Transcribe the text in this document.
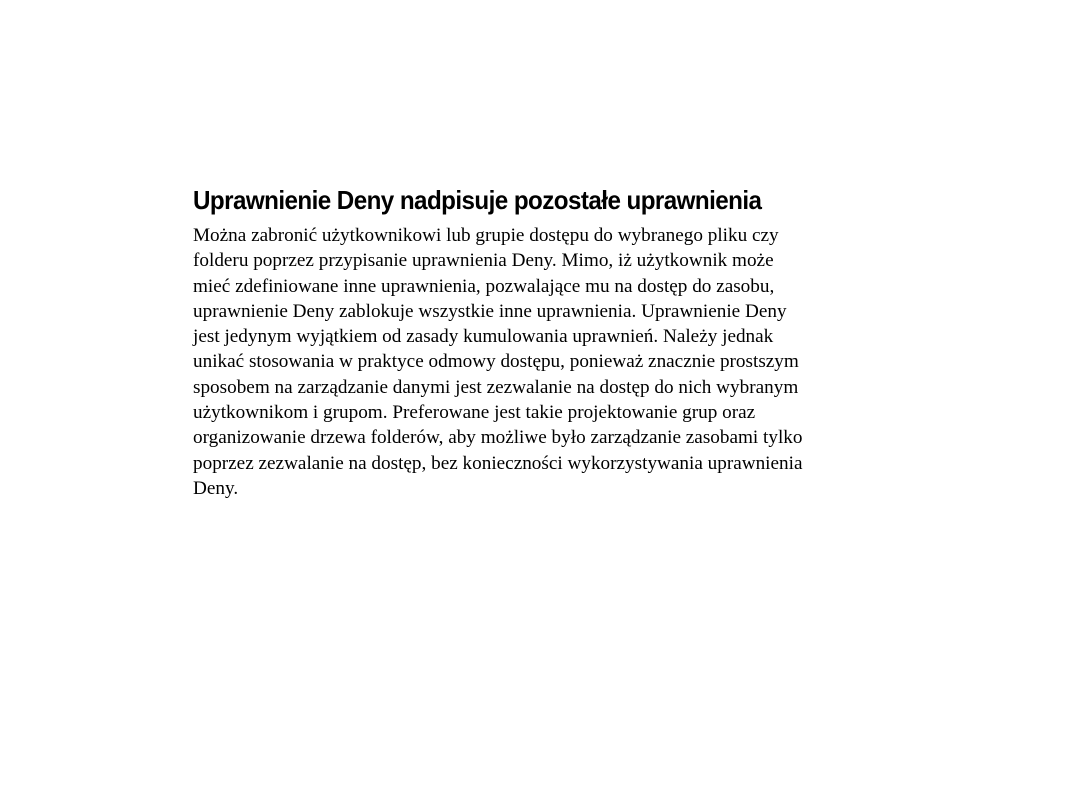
Uprawnienie Deny nadpisuje pozostałe uprawnienia

Można zabronić użytkownikowi lub grupie dostępu do wybranego pliku czy
folderu poprzez przypisanie uprawnienia Deny. Mimo, iż użytkownik może
mieć zdefiniowane inne uprawnienia, pozwalające mu na dostęp do zasobu,
uprawnienie Deny zablokuje wszystkie inne uprawnienia. Uprawnienie Deny
jest jedynym wyjątkiem od zasady kumulowania uprawnień. Należy jednak
unikać stosowania w praktyce odmowy dostępu, ponieważ znacznie prostszym
sposobem na zarządzanie danymi jest zezwalanie na dostęp do nich wybranym
użytkownikom i grupom. Preferowane jest takie projektowanie grup oraz
organizowanie drzewa folderów, aby możliwe było zarządzanie zasobami tylko
poprzez zezwalanie na dostęp, bez konieczności wykorzystywania uprawnienia
Deny.
